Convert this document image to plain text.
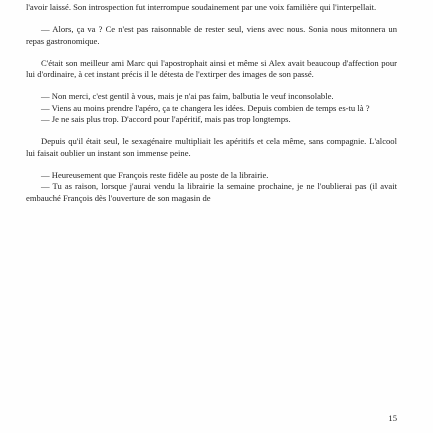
l'avoir laissé. Son introspection fut interrompue soudainement par une voix familière qui l'interpellait.

— Alors, ça va ? Ce n'est pas raisonnable de rester seul, viens avec nous. Sonia nous mitonnera un repas gastronomique.

C'était son meilleur ami Marc qui l'apostrophait ainsi et même si Alex avait beaucoup d'affection pour lui d'ordinaire, à cet instant précis il le détesta de l'extirper des images de son passé.

— Non merci, c'est gentil à vous, mais je n'ai pas faim, balbutia le veuf inconsolable.

— Viens au moins prendre l'apéro, ça te changera les idées. Depuis combien de temps es-tu là ?

— Je ne sais plus trop. D'accord pour l'apéritif, mais pas trop longtemps.

Depuis qu'il était seul, le sexagénaire multipliait les apéritifs et cela même, sans compagnie. L'alcool lui faisait oublier un instant son immense peine.

— Heureusement que François reste fidèle au poste de la librairie.

— Tu as raison, lorsque j'aurai vendu la librairie la semaine prochaine, je ne l'oublierai pas (il avait embauché François dès l'ouverture de son magasin de

15
